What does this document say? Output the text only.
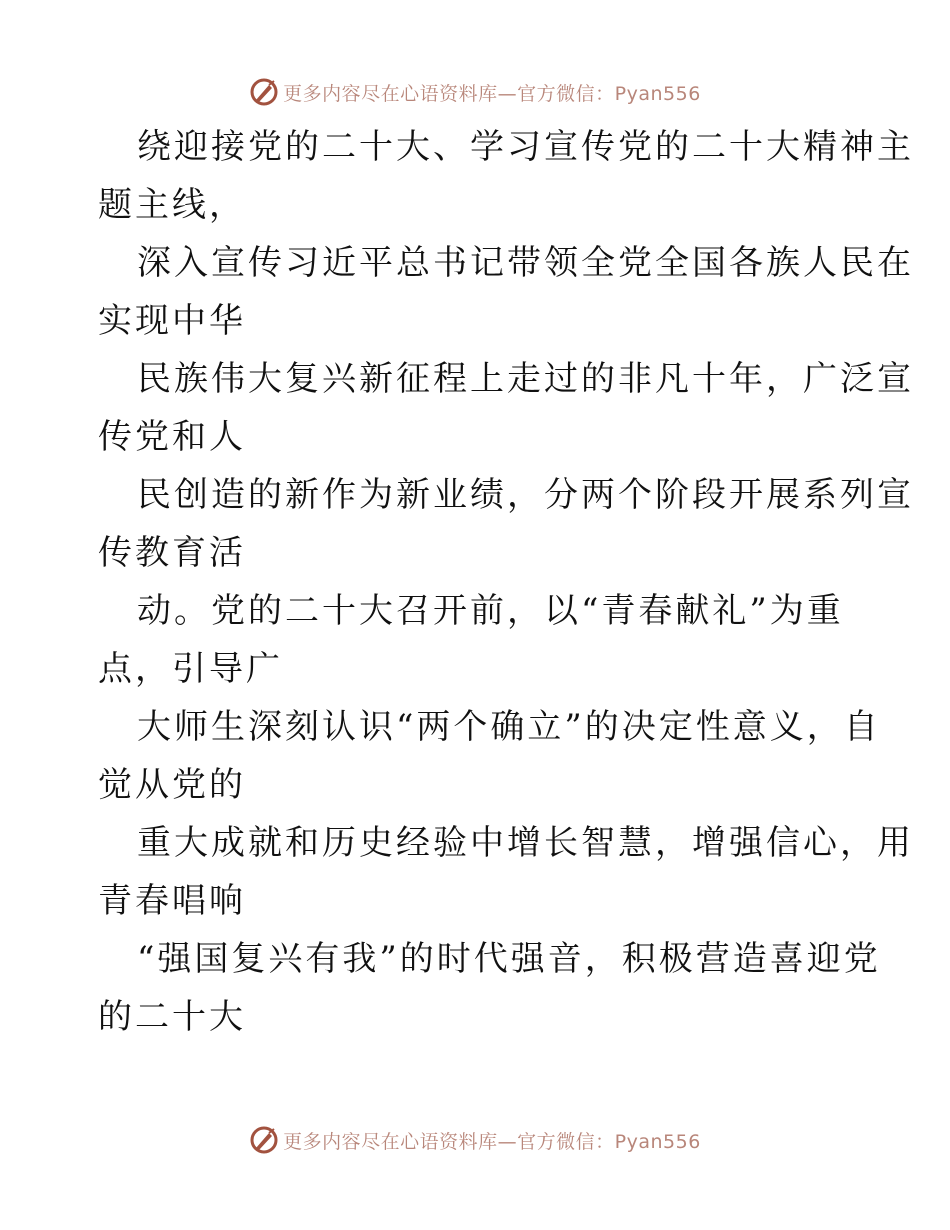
更多内容尽在心语资料库—官方微信：Pyan556
绕迎接党的二十大、学习宣传党的二十大精神主
题主线，
深入宣传习近平总书记带领全党全国各族人民在
实现中华
民族伟大复兴新征程上走过的非凡十年，广泛宣
传党和人
民创造的新作为新业绩，分两个阶段开展系列宣
传教育活
动。党的二十大召开前，以“青春献礼”为重
点，引导广
大师生深刻认识“两个确立”的决定性意义，自
觉从党的
重大成就和历史经验中增长智慧，增强信心，用
青春唱响
“强国复兴有我”的时代强音，积极营造喜迎党
的二十大
更多内容尽在心语资料库—官方微信：Pyan556
